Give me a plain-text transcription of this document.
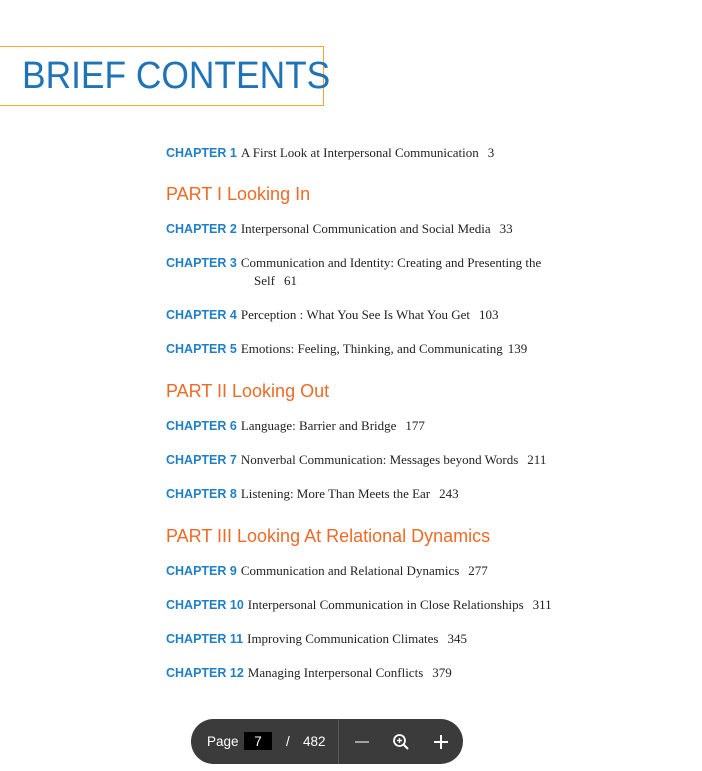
BRIEF CONTENTS
CHAPTER 1 A First Look at Interpersonal Communication 3
PART I Looking In
CHAPTER 2 Interpersonal Communication and Social Media 33
CHAPTER 3 Communication and Identity: Creating and Presenting the
Self 61
CHAPTER 4 Perception : What You See Is What You Get 103
CHAPTER 5 Emotions: Feeling, Thinking, and Communicating 139
PART II Looking Out
CHAPTER 6 Language: Barrier and Bridge 177
CHAPTER 7 Nonverbal Communication: Messages beyond Words 211
CHAPTER 8 Listening: More Than Meets the Ear 243
PART III Looking At Relational Dynamics
CHAPTER 9 Communication and Relational Dynamics 277
CHAPTER 10 Interpersonal Communication in Close Relationships 311
CHAPTER 11 Improving Communication Climates 345
CHAPTER 12 Managing Interpersonal Conflicts 379
Page
7	/ 482
